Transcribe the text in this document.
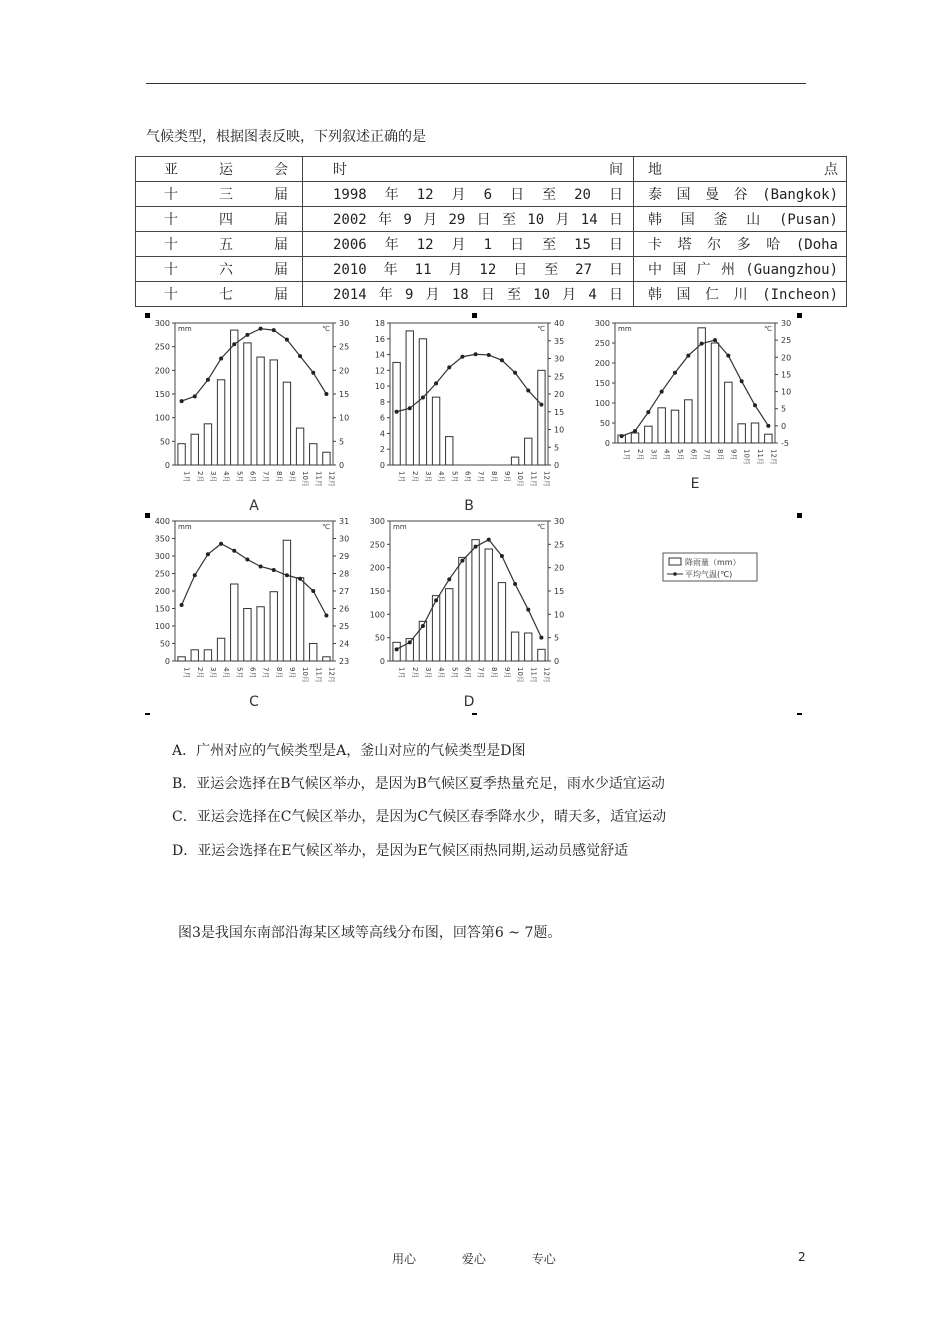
气候类型，根据图表反映，下列叙述正确的是
亚运会	时间	地点
十三届	1998年12月6日至20日	泰国曼谷(Bangkok)
十四届	2002年9月29日至10月14日	韩国釜山(Pusan)
十五届	2006年12月1日至15日	卡塔尔多哈(Doha
十六届	2010年11月12日至27日	中国广州(Guangzhou)
十七届	2014年9月18日至10月4日	韩国仁川(Incheon)
0
50
100
150
200
250
300
0
5
10
15
20
25
30
mm	℃
1月 2月 3月 4月 5月 6月 7月 8月 9月 10月 11月 12月
A
0
2
4
6
8
10
12
14
16
18
0
5
10
15
20
25
30
35
40
℃
1月 2月 3月 4月 5月 6月 7月 8月 9月 10月 11月 12月
B
0
50
100
150
200
250
300
-5
0
5
10
15
20
25
30
mm	℃
1月 2月 3月 4月 5月 6月 7月 8月 9月 10月 11月 12月
E
0
50
100
150
200
250
300
350
400
23
24
25
26
27
28
29
30
31
mm	℃
1月 2月 3月 4月 5月 6月 7月 8月 9月 10月 11月 12月
C
0
50
100
150
200
250
300
0
5
10
15
20
25
30
mm	℃
1月 2月 3月 4月 5月 6月 7月 8月 9月 10月 11月 12月
D
降雨量（mm）
平均气温(℃)
A．广州对应的气候类型是A，釜山对应的气候类型是D图
B．亚运会选择在B气候区举办，是因为B气候区夏季热量充足，雨水少适宜运动
C．亚运会选择在C气候区举办，是因为C气候区春季降水少，晴天多，适宜运动
D．亚运会选择在E气候区举办，是因为E气候区雨热同期,运动员感觉舒适
图3是我国东南部沿海某区域等高线分布图，回答第6 ~ 7题。
用心	爱心	专心	2
